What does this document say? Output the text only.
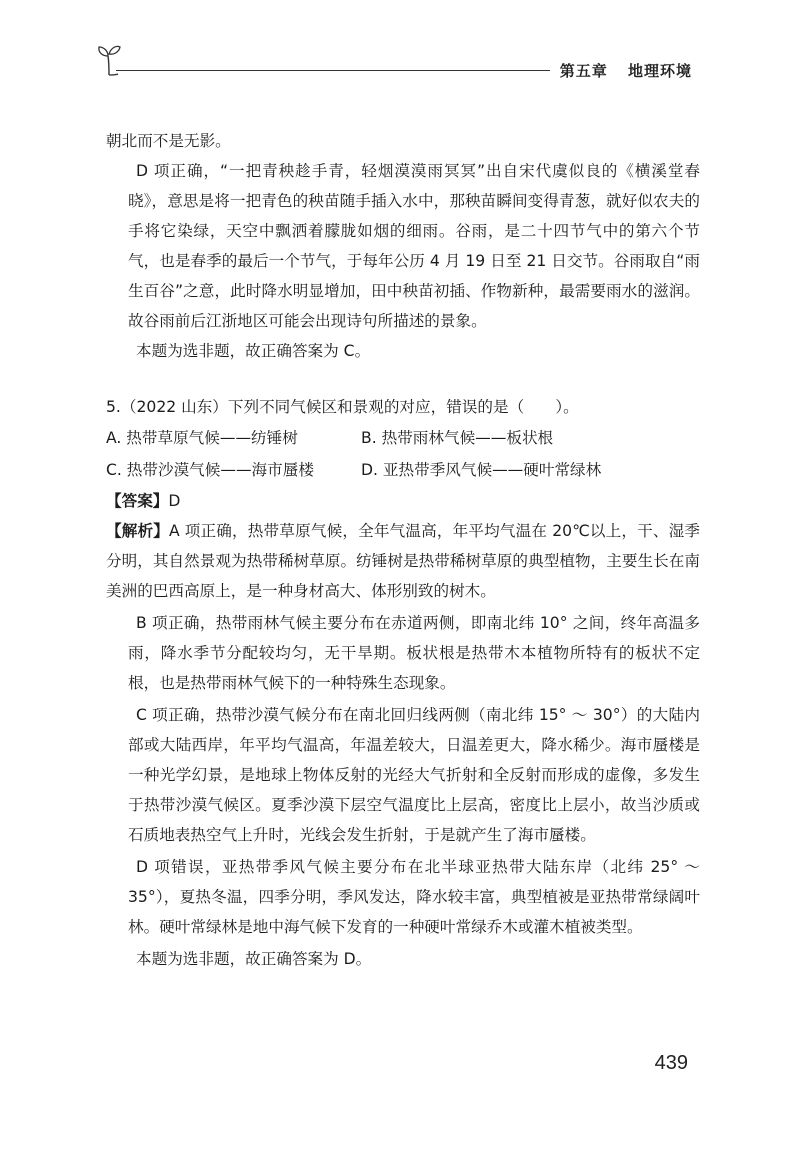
第五章 地理环境

朝北而不是无影。

D 项正确，“一把青秧趁手青，轻烟漠漠雨冥冥”出自宋代虞似良的《横溪堂春晓》，意思是将一把青色的秧苗随手插入水中，那秧苗瞬间变得青葱，就好似农夫的手将它染绿，天空中飘洒着朦胧如烟的细雨。谷雨，是二十四节气中的第六个节气，也是春季的最后一个节气，于每年公历 4 月 19 日至 21 日交节。谷雨取自“雨生百谷”之意，此时降水明显增加，田中秧苗初插、作物新种，最需要雨水的滋润。故谷雨前后江浙地区可能会出现诗句所描述的景象。

本题为选非题，故正确答案为 C。

5.（2022 山东）下列不同气候区和景观的对应，错误的是（　　）。

A. 热带草原气候——纺锤树	B. 热带雨林气候——板状根
C. 热带沙漠气候——海市蜃楼	D. 亚热带季风气候——硬叶常绿林

【答案】D

【解析】A 项正确，热带草原气候，全年气温高，年平均气温在 20℃以上，干、湿季分明，其自然景观为热带稀树草原。纺锤树是热带稀树草原的典型植物，主要生长在南美洲的巴西高原上，是一种身材高大、体形别致的树木。

B 项正确，热带雨林气候主要分布在赤道两侧，即南北纬 10° 之间，终年高温多雨，降水季节分配较均匀，无干旱期。板状根是热带木本植物所特有的板状不定根，也是热带雨林气候下的一种特殊生态现象。

C 项正确，热带沙漠气候分布在南北回归线两侧（南北纬 15° ～ 30°）的大陆内部或大陆西岸，年平均气温高，年温差较大，日温差更大，降水稀少。海市蜃楼是一种光学幻景，是地球上物体反射的光经大气折射和全反射而形成的虚像，多发生于热带沙漠气候区。夏季沙漠下层空气温度比上层高，密度比上层小，故当沙质或石质地表热空气上升时，光线会发生折射，于是就产生了海市蜃楼。

D 项错误，亚热带季风气候主要分布在北半球亚热带大陆东岸（北纬 25° ～ 35°），夏热冬温，四季分明，季风发达，降水较丰富，典型植被是亚热带常绿阔叶林。硬叶常绿林是地中海气候下发育的一种硬叶常绿乔木或灌木植被类型。

本题为选非题，故正确答案为 D。

439
